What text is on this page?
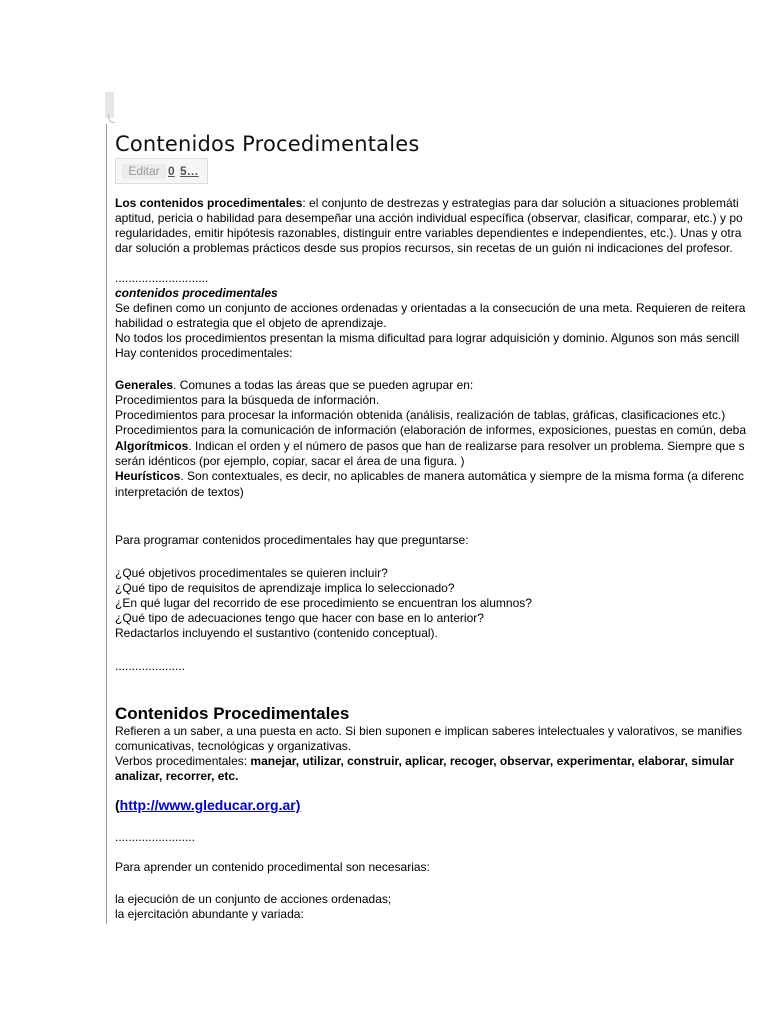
Contenidos Procedimentales
Editar 0 5…
Los contenidos procedimentales: el conjunto de destrezas y estrategias para dar solución a situaciones problemáti
aptitud, pericia o habilidad para desempeñar una acción individual específica (observar, clasificar, comparar, etc.) y po
regularidades, emitir hipótesis razonables, distinguir entre variables dependientes e independientes, etc.). Unas y otra
dar solución a problemas prácticos desde sus propios recursos, sin recetas de un guión ni indicaciones del profesor.
............................
contenidos procedimentales
Se definen como un conjunto de acciones ordenadas y orientadas a la consecución de una meta. Requieren de reitera
habilidad o estrategia que el objeto de aprendizaje.
No todos los procedimientos presentan la misma dificultad para lograr adquisición y dominio. Algunos son más sencill
Hay contenidos procedimentales:
Generales. Comunes a todas las áreas que se pueden agrupar en:
Procedimientos para la búsqueda de información.
Procedimientos para procesar la información obtenida (análisis, realización de tablas, gráficas, clasificaciones etc.)
Procedimientos para la comunicación de información (elaboración de informes, exposiciones, puestas en común, deba
Algorítmicos. Indican el orden y el número de pasos que han de realizarse para resolver un problema. Siempre que s
serán idénticos (por ejemplo, copiar, sacar el área de una figura. )
Heurísticos. Son contextuales, es decir, no aplicables de manera automática y siempre de la misma forma (a diferenc
interpretación de textos)
Para programar contenidos procedimentales hay que preguntarse:
¿Qué objetivos procedimentales se quieren incluir?
¿Qué tipo de requisitos de aprendizaje implica lo seleccionado?
¿En qué lugar del recorrido de ese procedimiento se encuentran los alumnos?
¿Qué tipo de adecuaciones tengo que hacer con base en lo anterior?
Redactarlos incluyendo el sustantivo (contenido conceptual).
.....................
Contenidos Procedimentales
Refieren a un saber, a una puesta en acto. Si bien suponen e implican saberes intelectuales y valorativos, se manifies
comunicativas, tecnológicas y organizativas.
Verbos procedimentales: manejar, utilizar, construir, aplicar, recoger, observar, experimentar, elaborar, simular
analizar, recorrer, etc.
(http://www.gleducar.org.ar)
........................
Para aprender un contenido procedimental son necesarias:
la ejecución de un conjunto de acciones ordenadas;
la ejercitación abundante y variada:
